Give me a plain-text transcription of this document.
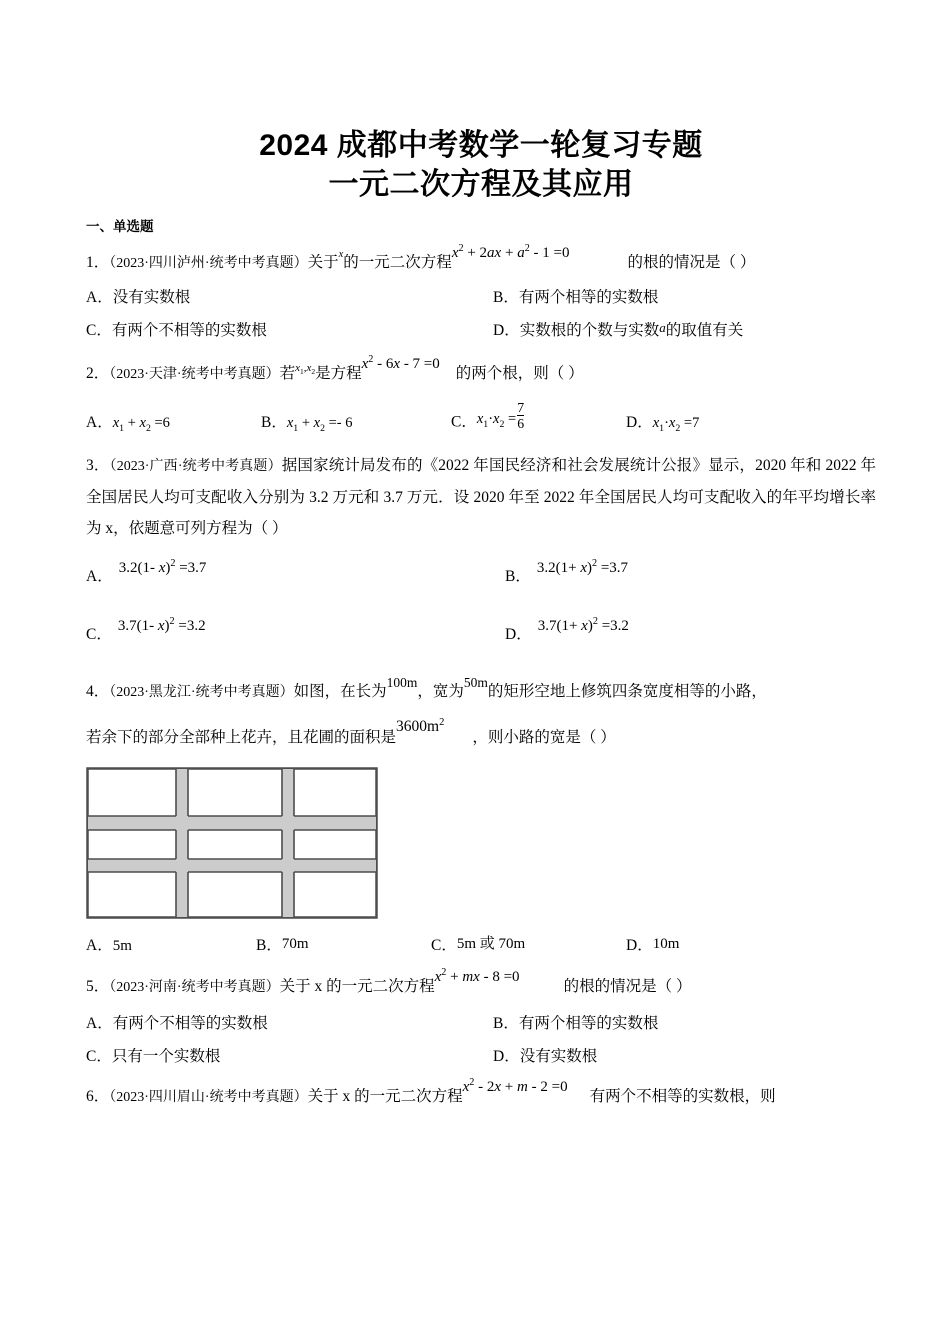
2024 成都中考数学一轮复习专题
一元二次方程及其应用
一、单选题
1．（2023·四川泸州·统考中考真题）关于$^x$的一元二次方程$x^2 + 2ax + a^2 - 1 =0$的根的情况是（ ）
A．没有实数根	B．有两个相等的实数根
C．有两个不相等的实数根	D．实数根的个数与实数a的取值有关
2．（2023·天津·统考中考真题）若$^{x_1,x_2}$是方程$x^2 - 6x - 7 =0$的两个根，则（ ）
A．$x_1 + x_2 =6$	B．$x_1 + x_2 =- 6$	C．$x_1\cdot x_2 = \frac{7}{6}$	D．$x_1\cdot x_2 =7$
3．（2023·广西·统考中考真题）据国家统计局发布的《2022 年国民经济和社会发展统计公报》显示，2020 年和 2022 年全国居民人均可支配收入分别为 3.2 万元和 3.7 万元．设 2020 年至 2022 年全国居民人均可支配收入的年平均增长率为 x，依题意可列方程为（ ）
A． 3.2(1- x)$^2$ =3.7	B． $3.2(1+ x)^2 =3.7$
C． 3.7(1- x)$^2$ =3.2	D． $3.7(1+ x)^2 =3.2$
4．（2023·黑龙江·统考中考真题）如图，在长为100m，宽为50m的矩形空地上修筑四条宽度相等的小路，
若余下的部分全部种上花卉，且花圃的面积是$3600m^2$，则小路的宽是（ ）
A．5m	B．70m	C．5m 或 70m	D．10m
5．（2023·河南·统考中考真题）关于 x 的一元二次方程$x^2$ + mx - 8 =0的根的情况是（ ）
A．有两个不相等的实数根	B．有两个相等的实数根
C．只有一个实数根	D．没有实数根
6．（2023·四川眉山·统考中考真题）关于 x 的一元二次方程$x^2 - 2x + m - 2 =0$有两个不相等的实数根，则
